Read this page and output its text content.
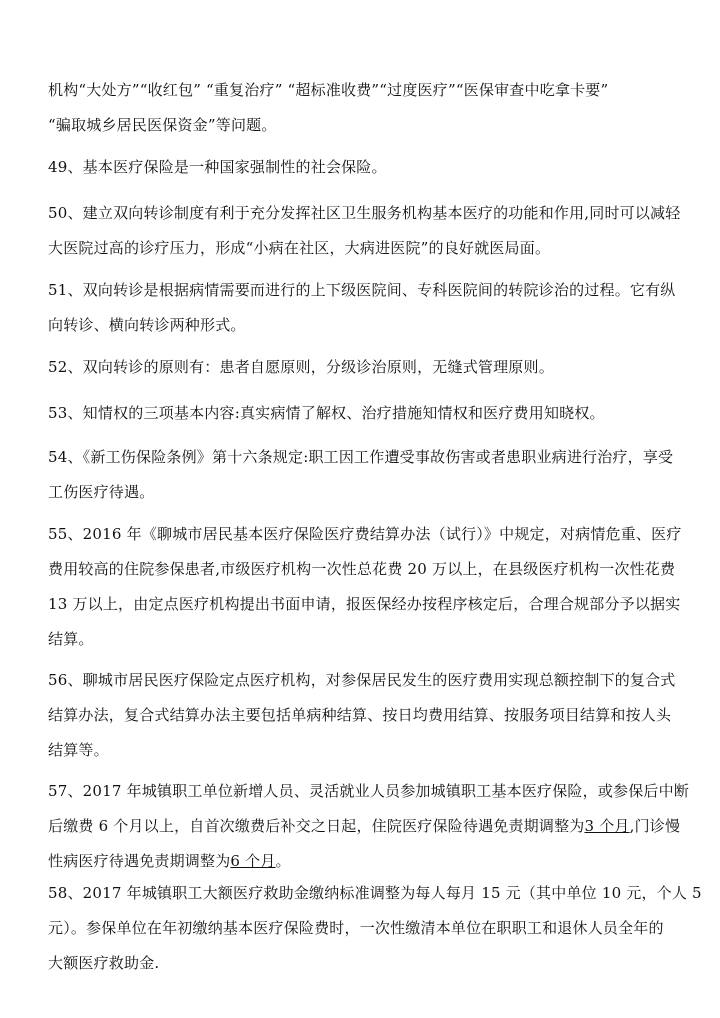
机构“大处方”“收红包” “重复治疗” “超标准收费”“过度医疗”“医保审查中吃拿卡要”
“骗取城乡居民医保资金”等问题。

49、基本医疗保险是一种国家强制性的社会保险。

50、建立双向转诊制度有利于充分发挥社区卫生服务机构基本医疗的功能和作用,同时可以减轻
大医院过高的诊疗压力，形成“小病在社区，大病进医院”的良好就医局面。

51、双向转诊是根据病情需要而进行的上下级医院间、专科医院间的转院诊治的过程。它有纵
向转诊、横向转诊两种形式。

52、双向转诊的原则有：患者自愿原则，分级诊治原则，无缝式管理原则。

53、知情权的三项基本内容:真实病情了解权、治疗措施知情权和医疗费用知晓权。

54、《新工伤保险条例》第十六条规定:职工因工作遭受事故伤害或者患职业病进行治疗，享受
工伤医疗待遇。

55、2016 年《聊城市居民基本医疗保险医疗费结算办法（试行）》中规定，对病情危重、医疗
费用较高的住院参保患者,市级医疗机构一次性总花费 20 万以上，在县级医疗机构一次性花费
13 万以上，由定点医疗机构提出书面申请，报医保经办按程序核定后，合理合规部分予以据实
结算。

56、聊城市居民医疗保险定点医疗机构，对参保居民发生的医疗费用实现总额控制下的复合式
结算办法，复合式结算办法主要包括单病种结算、按日均费用结算、按服务项目结算和按人头
结算等。

57、2017 年城镇职工单位新增人员、灵活就业人员参加城镇职工基本医疗保险，或参保后中断
后缴费 6 个月以上，自首次缴费后补交之日起，住院医疗保险待遇免责期调整为3 个月,门诊慢
性病医疗待遇免责期调整为6 个月。

58、2017 年城镇职工大额医疗救助金缴纳标准调整为每人每月 15 元（其中单位 10 元，个人 5
元）。参保单位在年初缴纳基本医疗保险费时，一次性缴清本单位在职职工和退休人员全年的
大额医疗救助金.
